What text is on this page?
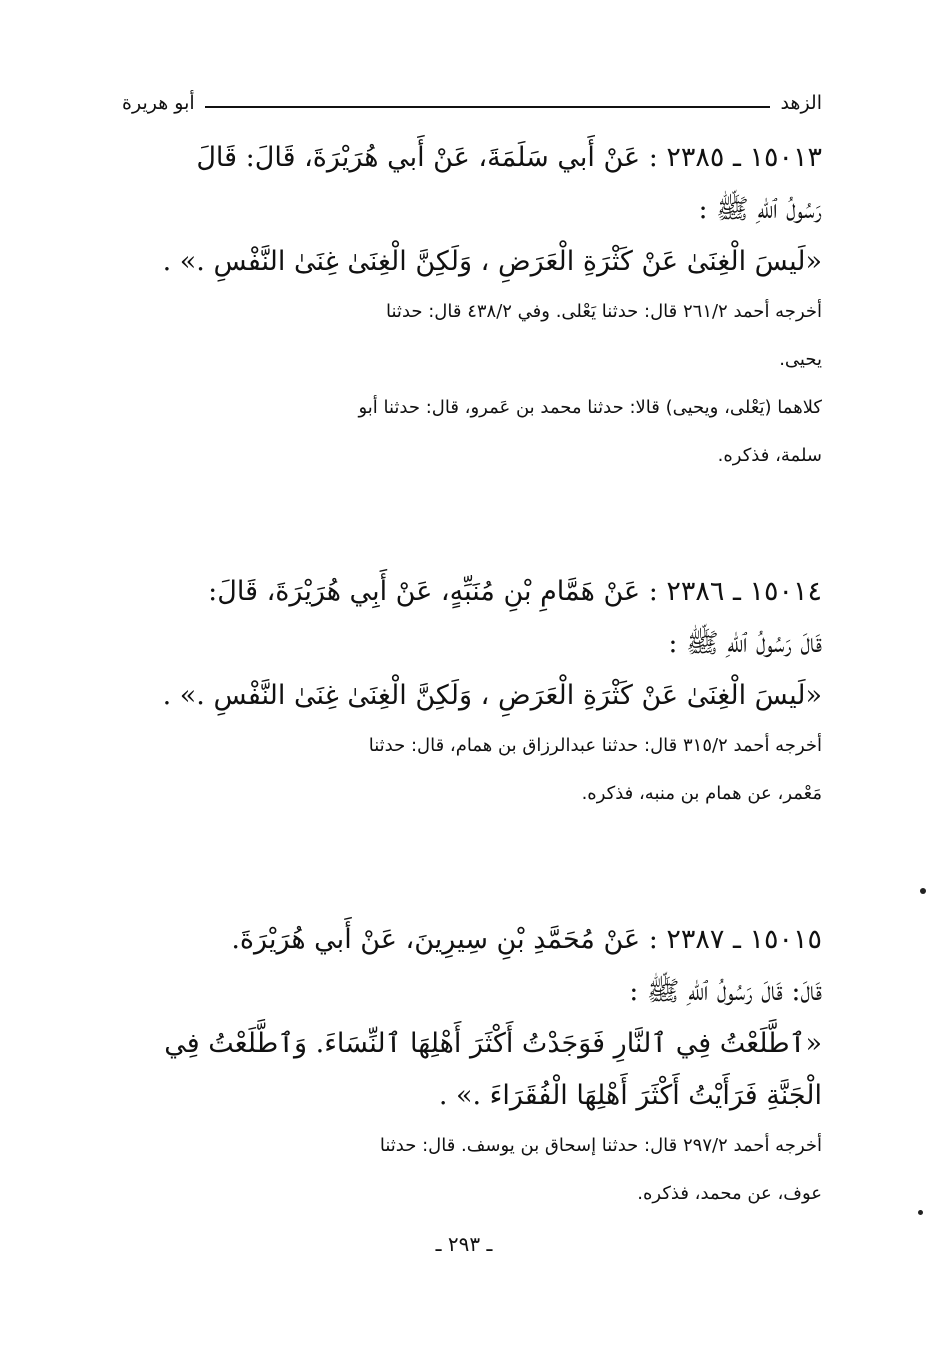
الزهد
أبو هريرة
١٥٠١٣ ـ ٢٣٨٥ : عَنْ أَبي سَلَمَةَ، عَنْ أَبي هُرَيْرَةَ، قَالَ: قَالَ
رَسُولُ ٱللهِ ﷺ :
«لَيسَ الْغِنَىٰ عَنْ كَثْرَةِ الْعَرَضِ ، وَلَكِنَّ الْغِنَىٰ غِنَىٰ النَّفْسِ .» .
أخرجه أحمد ٢٦١/٢ قال: حدثنا يَعْلى. وفي ٤٣٨/٢ قال: حدثنا
يحيى.
كلاهما (يَعْلى، ويحيى) قالا: حدثنا محمد بن عَمرو، قال: حدثنا أبو
سلمة، فذكره.
١٥٠١٤ ـ ٢٣٨٦ : عَنْ هَمَّامِ بْنِ مُنَبِّهٍ، عَنْ أَبِي هُرَيْرَةَ، قَالَ:
قَالَ رَسُولُ ٱللهِ ﷺ :
«لَيسَ الْغِنَىٰ عَنْ كَثْرَةِ الْعَرَضِ ، وَلَكِنَّ الْغِنَىٰ غِنَىٰ النَّفْسِ .» .
أخرجه أحمد ٣١٥/٢ قال: حدثنا عبدالرزاق بن همام، قال: حدثنا
مَعْمر، عن همام بن منبه، فذكره.
١٥٠١٥ ـ ٢٣٨٧ : عَنْ مُحَمَّدِ بْنِ سِيرِينَ، عَنْ أَبي هُرَيْرَةَ.
قَالَ: قَالَ رَسُولُ ٱللهِ ﷺ :
«ٱطَّلَعْتُ فِي ٱلنَّارِ فَوَجَدْتُ أَكْثَرَ أَهْلِهَا ٱلنِّسَاءَ. وَٱطَّلَعْتُ فِي
الْجَنَّةِ فَرَأَيْتُ أَكْثَرَ أَهْلِهَا الْفُقَرَاءَ .» .
أخرجه أحمد ٢٩٧/٢ قال: حدثنا إسحاق بن يوسف. قال: حدثنا
عوف، عن محمد، فذكره.
ـ ٢٩٣ ـ
